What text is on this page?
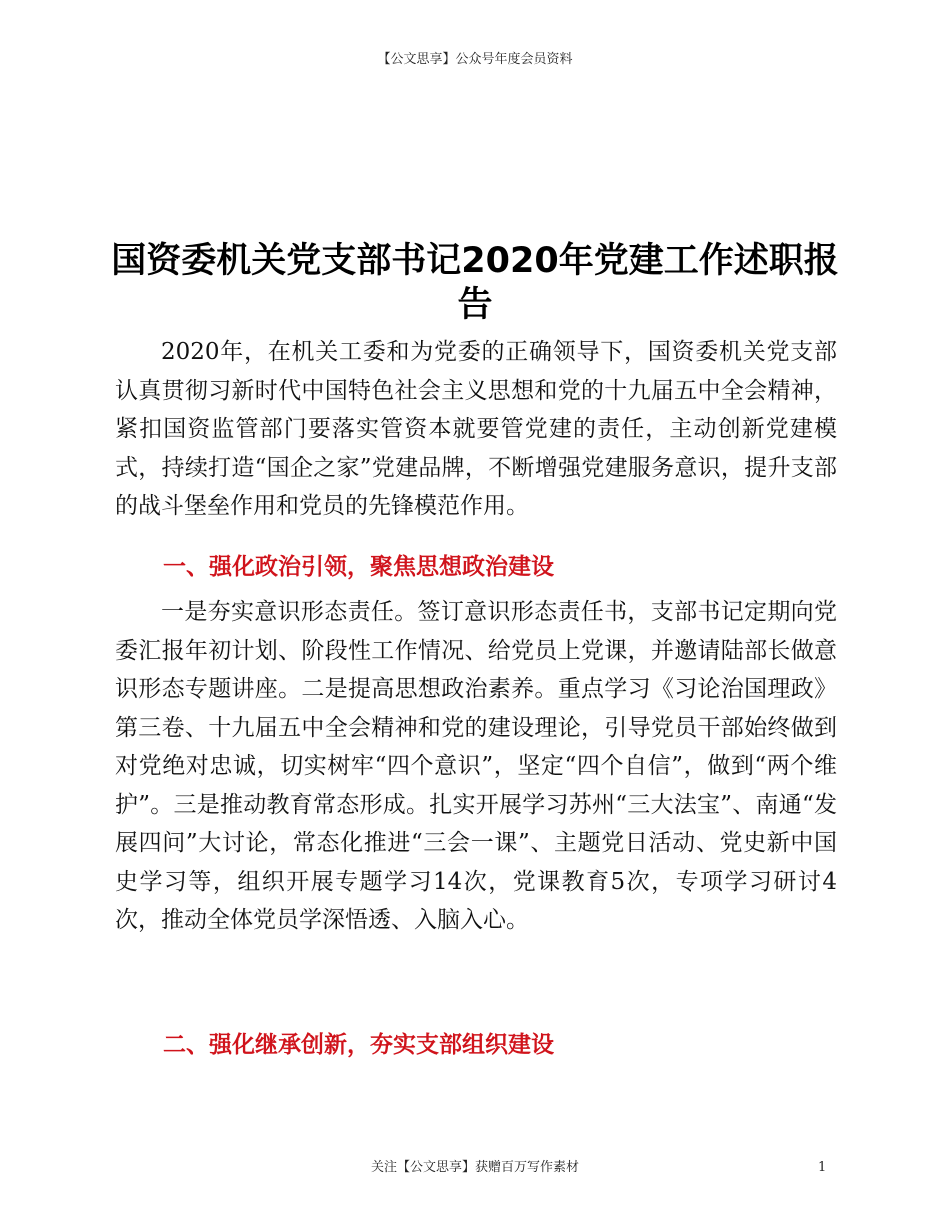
【公文思享】公众号年度会员资料
国资委机关党支部书记2020年党建工作述职报告

2020年，在机关工委和为党委的正确领导下，国资委机关党支部认真贯彻习新时代中国特色社会主义思想和党的十九届五中全会精神，紧扣国资监管部门要落实管资本就要管党建的责任，主动创新党建模式，持续打造“国企之家”党建品牌，不断增强党建服务意识，提升支部的战斗堡垒作用和党员的先锋模范作用。

一、强化政治引领，聚焦思想政治建设

一是夯实意识形态责任。签订意识形态责任书，支部书记定期向党委汇报年初计划、阶段性工作情况、给党员上党课，并邀请陆部长做意识形态专题讲座。二是提高思想政治素养。重点学习《习论治国理政》第三卷、十九届五中全会精神和党的建设理论，引导党员干部始终做到对党绝对忠诚，切实树牢“四个意识”，坚定“四个自信”，做到“两个维护”。三是推动教育常态形成。扎实开展学习苏州“三大法宝”、南通“发展四问”大讨论，常态化推进“三会一课”、主题党日活动、党史新中国史学习等，组织开展专题学习14次，党课教育5次，专项学习研讨4次，推动全体党员学深悟透、入脑入心。

二、强化继承创新，夯实支部组织建设
关注【公文思享】获赠百万写作素材	1
